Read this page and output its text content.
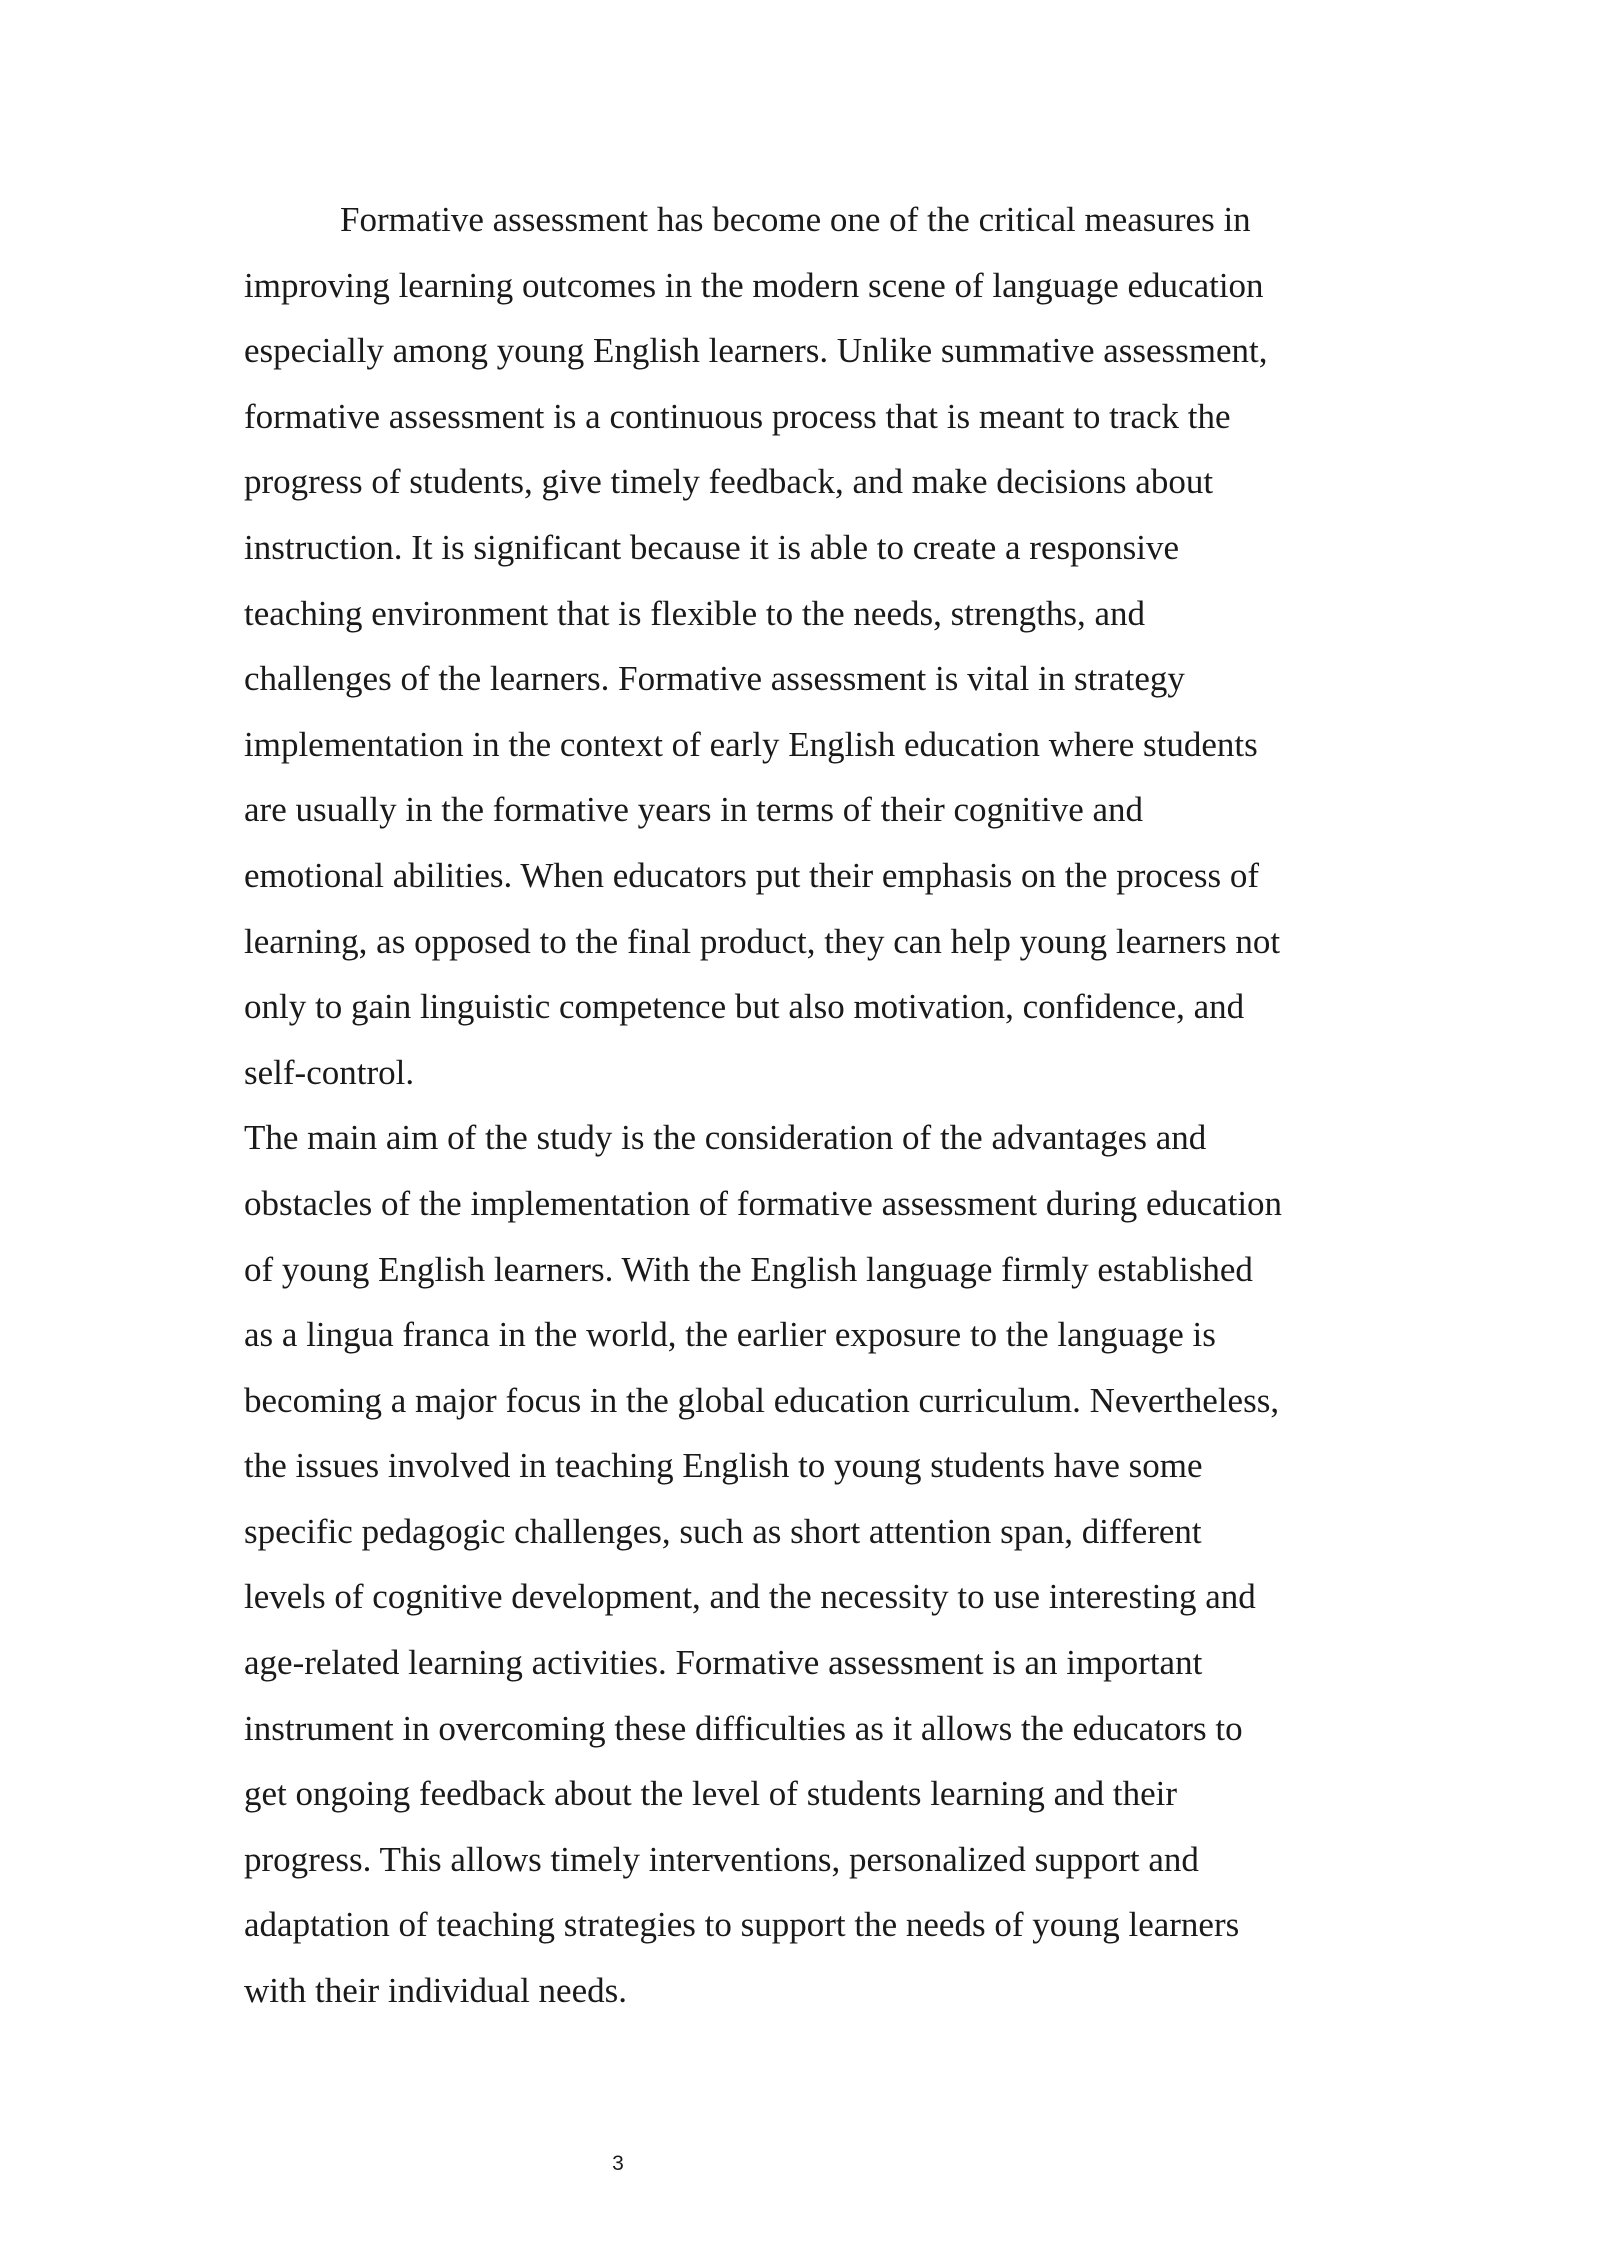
Formative assessment has become one of the critical measures in
improving learning outcomes in the modern scene of language education
especially among young English learners. Unlike summative assessment,
formative assessment is a continuous process that is meant to track the
progress of students, give timely feedback, and make decisions about
instruction. It is significant because it is able to create a responsive
teaching environment that is flexible to the needs, strengths, and
challenges of the learners. Formative assessment is vital in strategy
implementation in the context of early English education where students
are usually in the formative years in terms of their cognitive and
emotional abilities. When educators put their emphasis on the process of
learning, as opposed to the final product, they can help young learners not
only to gain linguistic competence but also motivation, confidence, and
self-control.
The main aim of the study is the consideration of the advantages and
obstacles of the implementation of formative assessment during education
of young English learners. With the English language firmly established
as a lingua franca in the world, the earlier exposure to the language is
becoming a major focus in the global education curriculum. Nevertheless,
the issues involved in teaching English to young students have some
specific pedagogic challenges, such as short attention span, different
levels of cognitive development, and the necessity to use interesting and
age-related learning activities. Formative assessment is an important
instrument in overcoming these difficulties as it allows the educators to
get ongoing feedback about the level of students learning and their
progress. This allows timely interventions, personalized support and
adaptation of teaching strategies to support the needs of young learners
with their individual needs.
3
